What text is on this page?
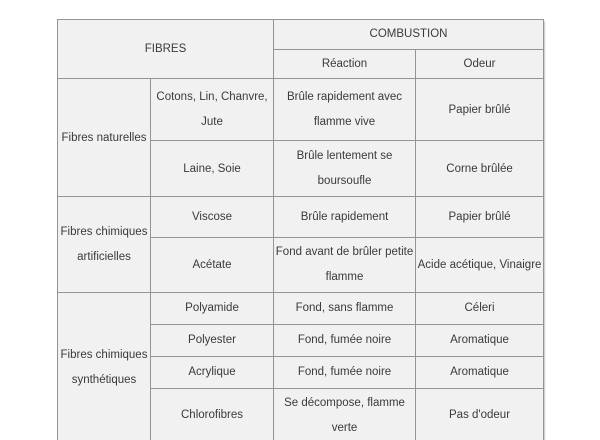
FIBRES		COMBUSTION	
		Réaction	Odeur
Fibres naturelles	Cotons, Lin, Chanvre, Jute	Brûle rapidement avec flamme vive	Papier brûlé
	Laine, Soie	Brûle lentement se boursoufle	Corne brûlée
Fibres chimiques artificielles	Viscose	Brûle rapidement	Papier brûlé
	Acétate	Fond avant de brûler petite flamme	Acide acétique, Vinaigre
Fibres chimiques synthétiques	Polyamide	Fond, sans flamme	Céleri
	Polyester	Fond, fumée noire	Aromatique
	Acrylique	Fond, fumée noire	Aromatique
	Chlorofibres	Se décompose, flamme verte	Pas d'odeur
